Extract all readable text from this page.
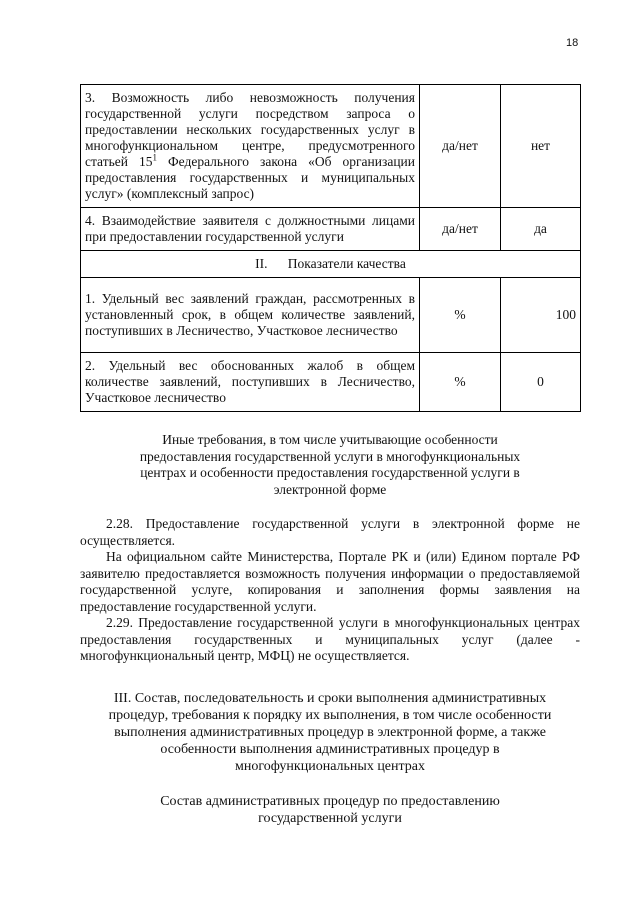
18
3. Возможность либо невозможность получения государственной услуги посредством запроса о предоставлении нескольких государственных услуг в многофункциональном центре, предусмотренного статьей $15^1$ Федерального закона «Об организации предоставления государственных и муниципальных услуг» (комплексный запрос)	да/нет	нет
4. Взаимодействие заявителя с должностными лицами при предоставлении государственной услуги	да/нет	да
II.      Показатели качества		
1. Удельный вес заявлений граждан, рассмотренных в установленный срок, в общем количестве заявлений, поступивших в Лесничество, Участковое лесничество	%	100
2. Удельный вес обоснованных жалоб в общем количестве заявлений, поступивших в Лесничество, Участковое лесничество	%	0
Иные требования, в том числе учитывающие особенности предоставления государственной услуги в многофункциональных центрах и особенности предоставления государственной услуги в электронной форме

2.28. Предоставление государственной услуги в электронной форме не осуществляется.

На официальном сайте Министерства, Портале РК и (или) Едином портале РФ заявителю предоставляется возможность получения информации о предоставляемой государственной услуге, копирования и заполнения формы заявления на предоставление государственной услуги.

2.29. Предоставление государственной услуги в многофункциональных центрах предоставления государственных и муниципальных услуг (далее - многофункциональный центр, МФЦ) не осуществляется.

III. Состав, последовательность и сроки выполнения административных процедур, требования к порядку их выполнения, в том числе особенности выполнения административных процедур в электронной форме, а также особенности выполнения административных процедур в многофункциональных центрах
Состав административных процедур по предоставлению государственной услуги
